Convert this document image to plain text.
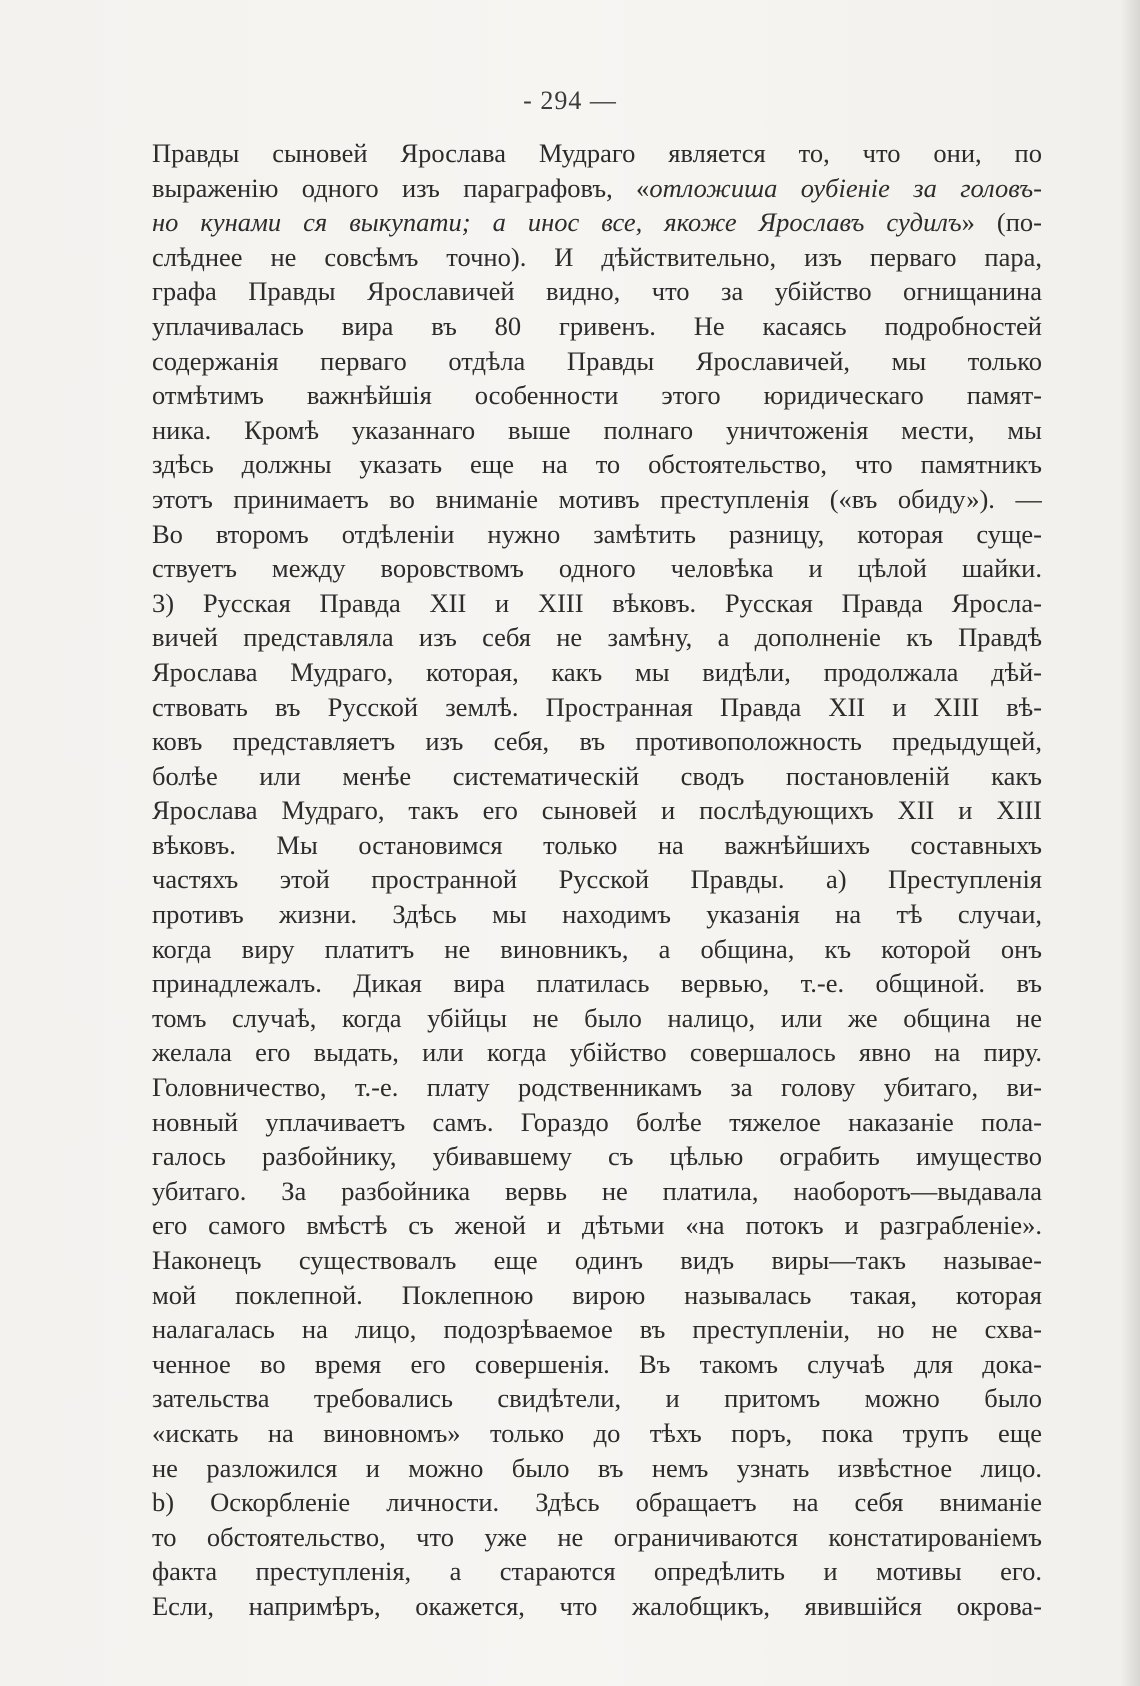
- 294 —
Правды сыновей Ярослава Мудраго является то, что они, по
выраженію одного изъ параграфовъ, «отложиша оубіеніе за головъ-
но кунами ся выкупати; а инос все, якоже Ярославъ судилъ» (по-
слѣднее не совсѣмъ точно). И дѣйствительно, изъ перваго пара,
графа Правды Ярославичей видно, что за убійство огнищанина
уплачивалась вира въ 80 гривенъ. Не касаясь подробностей
содержанія перваго отдѣла Правды Ярославичей, мы только
отмѣтимъ важнѣйшія особенности этого юридическаго памят-
ника. Кромѣ указаннаго выше полнаго уничтоженія мести, мы
здѣсь должны указать еще на то обстоятельство, что памятникъ
этотъ принимаетъ во вниманіе мотивъ преступленія («въ обиду»). —
Во второмъ отдѣленіи нужно замѣтить разницу, которая суще-
ствуетъ между воровствомъ одного человѣка и цѣлой шайки.
3) Русская Правда XII и XIII вѣковъ. Русская Правда Яросла-
вичей представляла изъ себя не замѣну, а дополненіе къ Правдѣ
Ярослава Мудраго, которая, какъ мы видѣли, продолжала дѣй-
ствовать въ Русской землѣ. Пространная Правда XII и XIII вѣ-
ковъ представляетъ изъ себя, въ противоположность предыдущей,
болѣе или менѣе систематическій сводъ постановленій какъ
Ярослава Мудраго, такъ его сыновей и послѣдующихъ XII и XIII
вѣковъ. Мы остановимся только на важнѣйшихъ составныхъ
частяхъ этой пространной Русской Правды. а) Преступленія
противъ жизни. Здѣсь мы находимъ указанія на тѣ случаи,
когда виру платитъ не виновникъ, а община, къ которой онъ
принадлежалъ. Дикая вира платилась вервью, т.-е. общиной. въ
томъ случаѣ, когда убійцы не было налицо, или же община не
желала его выдать, или когда убійство совершалось явно на пиру.
Головничество, т.-е. плату родственникамъ за голову убитаго, ви-
новный уплачиваетъ самъ. Гораздо болѣе тяжелое наказаніе пола-
галось разбойнику, убивавшему съ цѣлью ограбить имущество
убитаго. За разбойника вервь не платила, наоборотъ—выдавала
его самого вмѣстѣ съ женой и дѣтьми «на потокъ и разграбленіе».
Наконецъ существовалъ еще одинъ видъ виры—такъ называе-
мой поклепной. Поклепною вирою называлась такая, которая
налагалась на лицо, подозрѣваемое въ преступленіи, но не схва-
ченное во время его совершенія. Въ такомъ случаѣ для дока-
зательства требовались свидѣтели, и притомъ можно было
«искать на виновномъ» только до тѣхъ поръ, пока трупъ еще
не разложился и можно было въ немъ узнать извѣстное лицо.
b) Оскорбленіе личности. Здѣсь обращаетъ на себя вниманіе
то обстоятельство, что уже не ограничиваются констатированіемъ
факта преступленія, а стараются опредѣлить и мотивы его.
Если, напримѣръ, окажется, что жалобщикъ, явившійся окрова-
